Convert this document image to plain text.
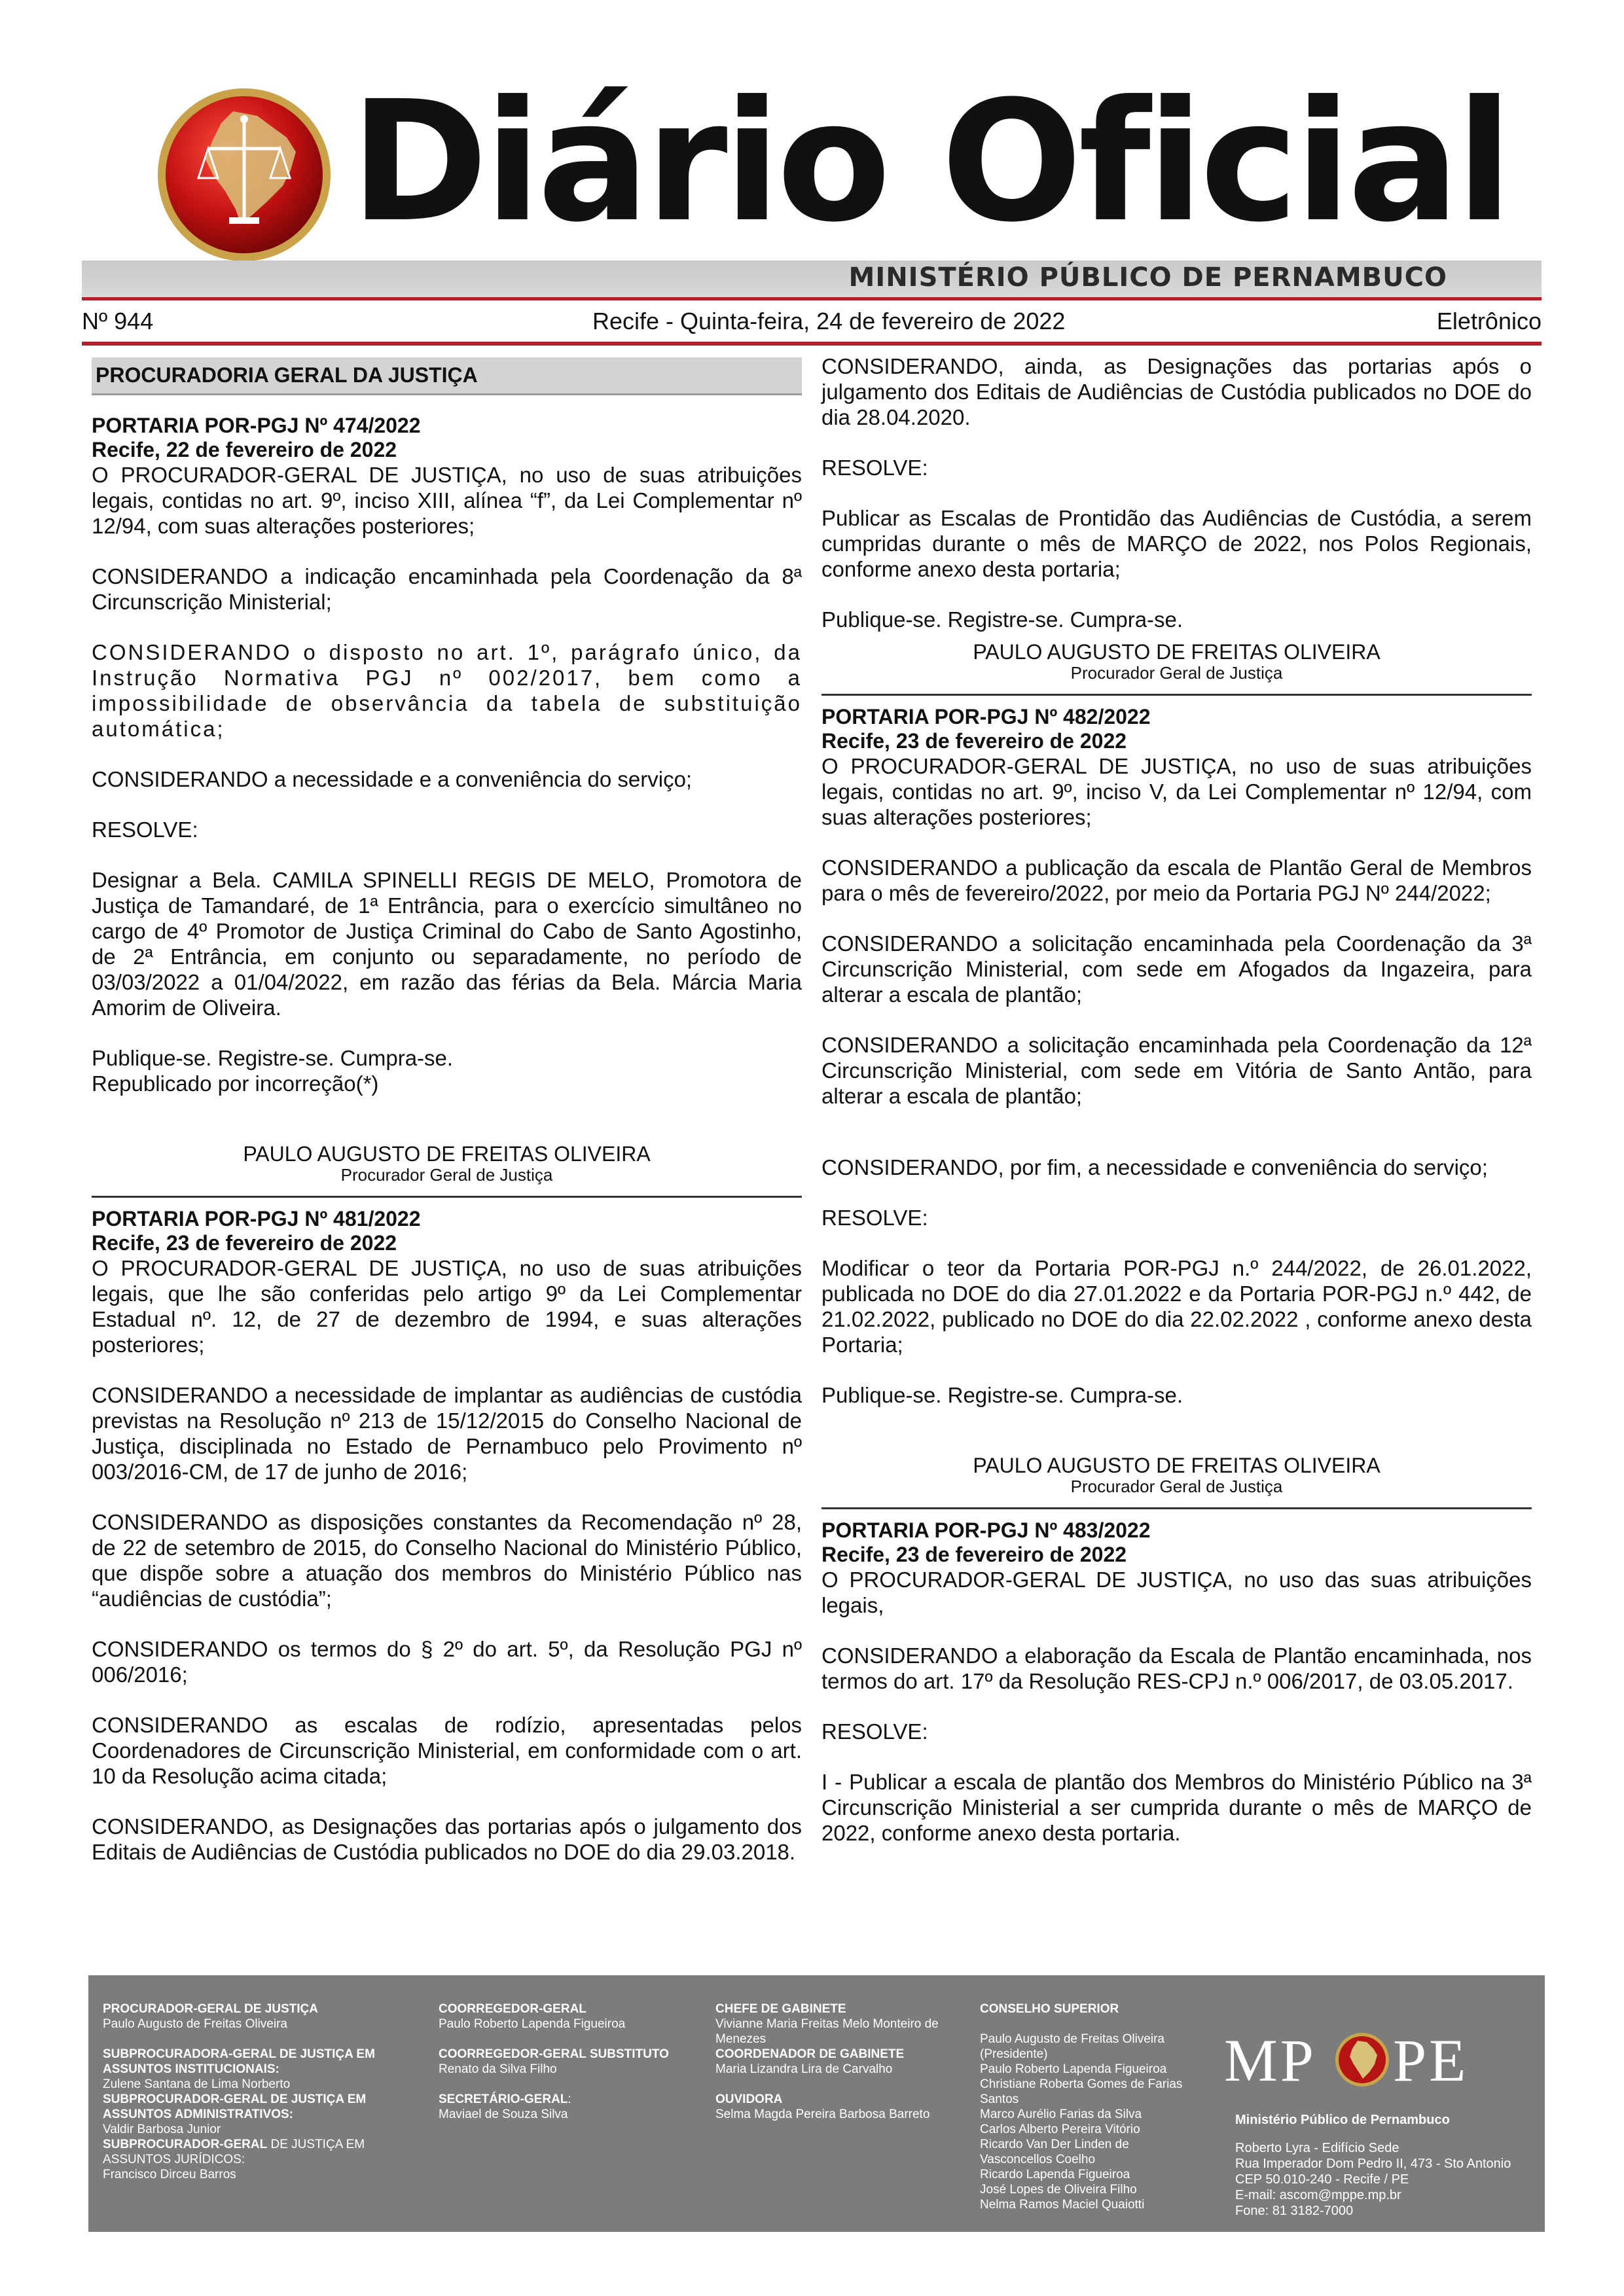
Diário Oficial
MINISTÉRIO PÚBLICO DE PERNAMBUCO
Nº 944	Recife - Quinta-feira, 24 de fevereiro de 2022	Eletrônico
PROCURADORIA GERAL DA JUSTIÇA

PORTARIA POR-PGJ Nº 474/2022

Recife, 22 de fevereiro de 2022

O PROCURADOR-GERAL DE JUSTIÇA, no uso de suas atribuições legais, contidas no art. 9º, inciso XIII, alínea “f”, da Lei Complementar nº 12/94, com suas alterações posteriores;

CONSIDERANDO a indicação encaminhada pela Coordenação da 8ª Circunscrição Ministerial;

CONSIDERANDO o disposto no art. 1º, parágrafo único, da Instrução Normativa PGJ nº 002/2017, bem como a impossibilidade de observância da tabela de substituição automática;

CONSIDERANDO a necessidade e a conveniência do serviço;

RESOLVE:

Designar a Bela. CAMILA SPINELLI REGIS DE MELO, Promotora de Justiça de Tamandaré, de 1ª Entrância, para o exercício simultâneo no cargo de 4º Promotor de Justiça Criminal do Cabo de Santo Agostinho, de 2ª Entrância, em conjunto ou separadamente, no período de 03/03/2022 a 01/04/2022, em razão das férias da Bela. Márcia Maria Amorim de Oliveira.

Publique-se. Registre-se. Cumpra-se.

Republicado por incorreção(*)

PAULO AUGUSTO DE FREITAS OLIVEIRA

Procurador Geral de Justiça

PORTARIA POR-PGJ Nº 481/2022

Recife, 23 de fevereiro de 2022

O PROCURADOR-GERAL DE JUSTIÇA, no uso de suas atribuições legais, que lhe são conferidas pelo artigo 9º da Lei Complementar Estadual nº. 12, de 27 de dezembro de 1994, e suas alterações posteriores;

CONSIDERANDO a necessidade de implantar as audiências de custódia previstas na Resolução nº 213 de 15/12/2015 do Conselho Nacional de Justiça, disciplinada no Estado de Pernambuco pelo Provimento nº 003/2016-CM, de 17 de junho de 2016;

CONSIDERANDO as disposições constantes da Recomendação nº 28, de 22 de setembro de 2015, do Conselho Nacional do Ministério Público, que dispõe sobre a atuação dos membros do Ministério Público nas “audiências de custódia”;

CONSIDERANDO os termos do § 2º do art. 5º, da Resolução PGJ nº 006/2016;

CONSIDERANDO as escalas de rodízio, apresentadas pelos Coordenadores de Circunscrição Ministerial, em conformidade com o art. 10 da Resolução acima citada;

CONSIDERANDO, as Designações das portarias após o julgamento dos Editais de Audiências de Custódia publicados no DOE do dia 29.03.2018.

CONSIDERANDO, ainda, as Designações das portarias após o julgamento dos Editais de Audiências de Custódia publicados no DOE do dia 28.04.2020.

RESOLVE:

Publicar as Escalas de Prontidão das Audiências de Custódia, a serem cumpridas durante o mês de MARÇO de 2022, nos Polos Regionais, conforme anexo desta portaria;

Publique-se. Registre-se. Cumpra-se.

PAULO AUGUSTO DE FREITAS OLIVEIRA

Procurador Geral de Justiça

PORTARIA POR-PGJ Nº 482/2022

Recife, 23 de fevereiro de 2022

O PROCURADOR-GERAL DE JUSTIÇA, no uso de suas atribuições legais, contidas no art. 9º, inciso V, da Lei Complementar nº 12/94, com suas alterações posteriores;

CONSIDERANDO a publicação da escala de Plantão Geral de Membros para o mês de fevereiro/2022, por meio da Portaria PGJ Nº 244/2022;

CONSIDERANDO a solicitação encaminhada pela Coordenação da 3ª Circunscrição Ministerial, com sede em Afogados da Ingazeira, para alterar a escala de plantão;

CONSIDERANDO a solicitação encaminhada pela Coordenação da 12ª Circunscrição Ministerial, com sede em Vitória de Santo Antão, para alterar a escala de plantão;

CONSIDERANDO, por fim, a necessidade e conveniência do serviço;

RESOLVE:

Modificar o teor da Portaria POR-PGJ n.º 244/2022, de 26.01.2022, publicada no DOE do dia 27.01.2022 e da Portaria POR-PGJ n.º 442, de 21.02.2022, publicado no DOE do dia 22.02.2022 , conforme anexo desta Portaria;

Publique-se. Registre-se. Cumpra-se.

PAULO AUGUSTO DE FREITAS OLIVEIRA

Procurador Geral de Justiça

PORTARIA POR-PGJ Nº 483/2022

Recife, 23 de fevereiro de 2022

O PROCURADOR-GERAL DE JUSTIÇA, no uso das suas atribuições legais,

CONSIDERANDO a elaboração da Escala de Plantão encaminhada, nos termos do art. 17º da Resolução RES-CPJ n.º 006/2017, de 03.05.2017.

RESOLVE:

I - Publicar a escala de plantão dos Membros do Ministério Público na 3ª Circunscrição Ministerial a ser cumprida durante o mês de MARÇO de 2022, conforme anexo desta portaria.

PROCURADOR-GERAL DE JUSTIÇA
Paulo Augusto de Freitas Oliveira
SUBPROCURADORA-GERAL DE JUSTIÇA EM
ASSUNTOS INSTITUCIONAIS:
Zulene Santana de Lima Norberto
SUBPROCURADOR-GERAL DE JUSTIÇA EM
ASSUNTOS ADMINISTRATIVOS:
Valdir Barbosa Junior
SUBPROCURADOR-GERAL DE JUSTIÇA EM
ASSUNTOS JURÍDICOS:
Francisco Dirceu Barros
COORREGEDOR-GERAL
Paulo Roberto Lapenda Figueiroa
COORREGEDOR-GERAL SUBSTITUTO
Renato da Silva Filho
SECRETÁRIO-GERAL:
Maviael de Souza Silva
CHEFE DE GABINETE
Vivianne Maria Freitas Melo Monteiro de
Menezes
COORDENADOR DE GABINETE
Maria Lizandra Lira de Carvalho
OUVIDORA
Selma Magda Pereira Barbosa Barreto
CONSELHO SUPERIOR
Paulo Augusto de Freitas Oliveira
(Presidente)
Paulo Roberto Lapenda Figueiroa
Christiane Roberta Gomes de Farias
Santos
Marco Aurélio Farias da Silva
Carlos Alberto Pereira Vitório
Ricardo Van Der Linden de
Vasconcellos Coelho
Ricardo Lapenda Figueiroa
José Lopes de Oliveira Filho
Nelma Ramos Maciel Quaiotti
MP PE
Ministério Público de Pernambuco
Roberto Lyra - Edifício Sede
Rua Imperador Dom Pedro II, 473 - Sto Antonio
CEP 50.010-240 - Recife / PE
E-mail: ascom@mppe.mp.br
Fone: 81 3182-7000
